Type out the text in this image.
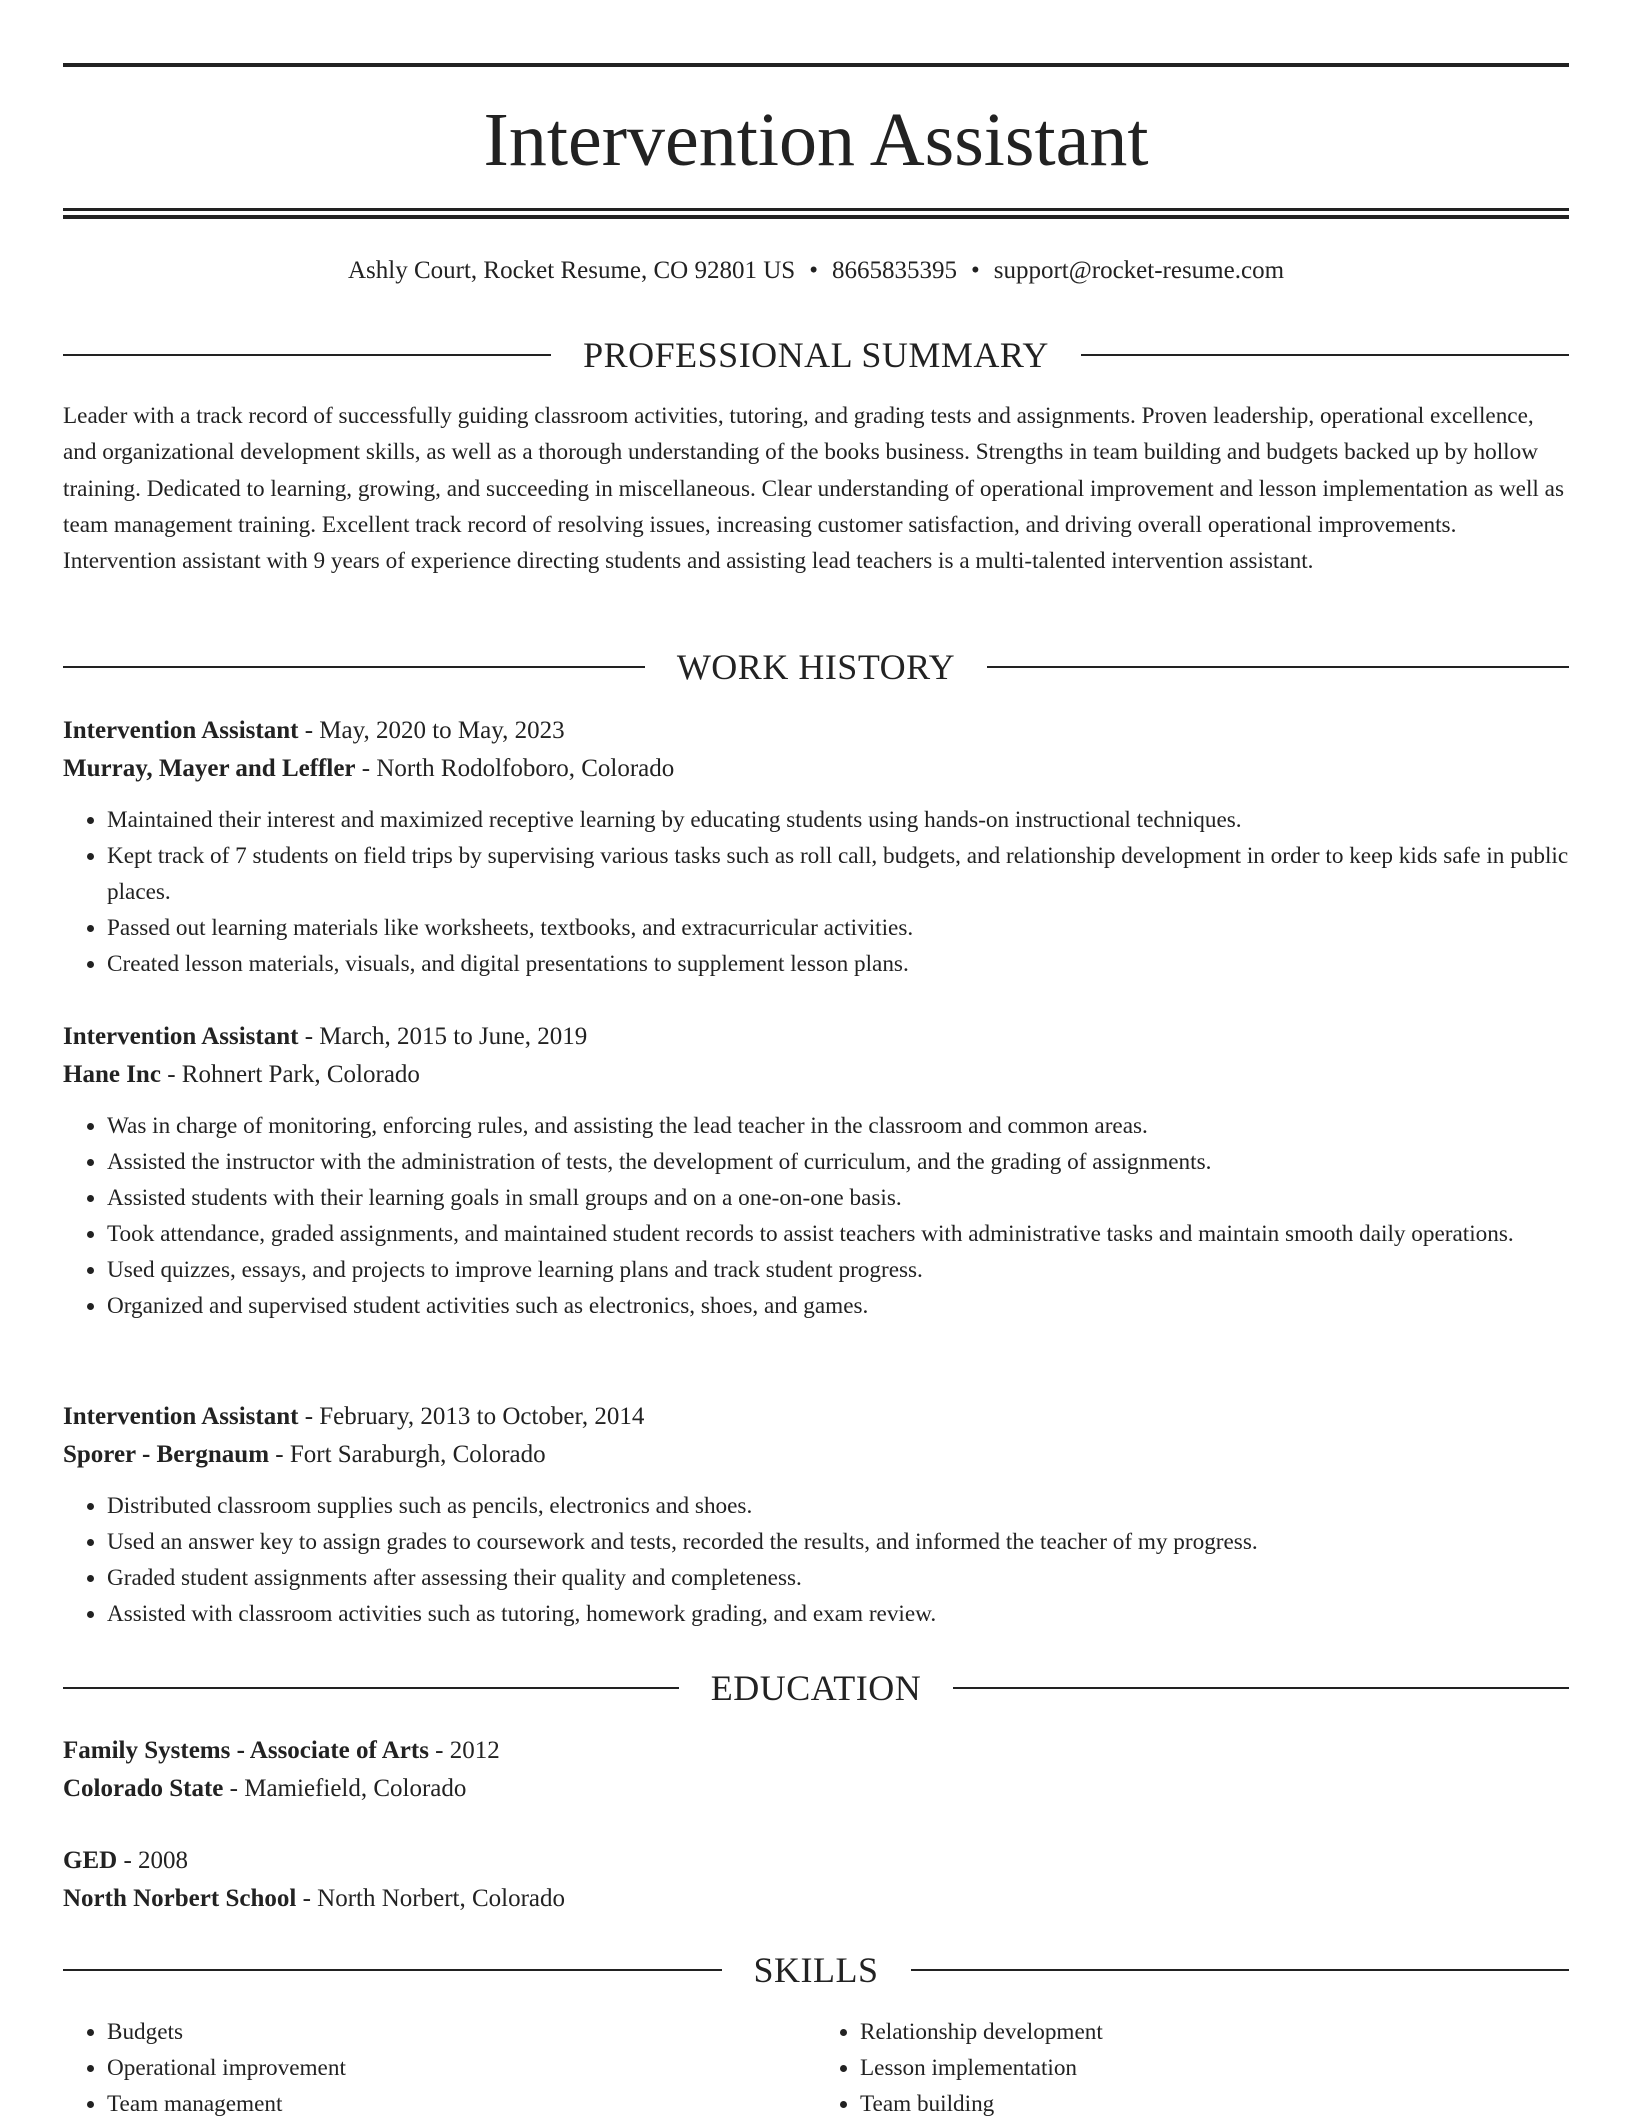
Intervention Assistant
Ashly Court, Rocket Resume, CO 92801 US • 8665835395 • support@rocket-resume.com
PROFESSIONAL SUMMARY

Leader with a track record of successfully guiding classroom activities, tutoring, and grading tests and assignments. Proven leadership, operational excellence, and organizational development skills, as well as a thorough understanding of the books business. Strengths in team building and budgets backed up by hollow training. Dedicated to learning, growing, and succeeding in miscellaneous. Clear understanding of operational improvement and lesson implementation as well as team management training. Excellent track record of resolving issues, increasing customer satisfaction, and driving overall operational improvements. Intervention assistant with 9 years of experience directing students and assisting lead teachers is a multi-talented intervention assistant.

WORK HISTORY
Intervention Assistant - May, 2020 to May, 2023
Murray, Mayer and Leffler - North Rodolfoboro, Colorado
• Maintained their interest and maximized receptive learning by educating students using hands-on instructional techniques.
• Kept track of 7 students on field trips by supervising various tasks such as roll call, budgets, and relationship development in order to keep kids safe in public places.
• Passed out learning materials like worksheets, textbooks, and extracurricular activities.
• Created lesson materials, visuals, and digital presentations to supplement lesson plans.
Intervention Assistant - March, 2015 to June, 2019
Hane Inc - Rohnert Park, Colorado
• Was in charge of monitoring, enforcing rules, and assisting the lead teacher in the classroom and common areas.
• Assisted the instructor with the administration of tests, the development of curriculum, and the grading of assignments.
• Assisted students with their learning goals in small groups and on a one-on-one basis.
• Took attendance, graded assignments, and maintained student records to assist teachers with administrative tasks and maintain smooth daily operations.
• Used quizzes, essays, and projects to improve learning plans and track student progress.
• Organized and supervised student activities such as electronics, shoes, and games.
Intervention Assistant - February, 2013 to October, 2014
Sporer - Bergnaum - Fort Saraburgh, Colorado
• Distributed classroom supplies such as pencils, electronics and shoes.
• Used an answer key to assign grades to coursework and tests, recorded the results, and informed the teacher of my progress.
• Graded student assignments after assessing their quality and completeness.
• Assisted with classroom activities such as tutoring, homework grading, and exam review.
EDUCATION
Family Systems - Associate of Arts - 2012
Colorado State - Mamiefield, Colorado
GED - 2008
North Norbert School - North Norbert, Colorado
SKILLS
• Budgets
• Operational improvement
• Team management
• Relationship development
• Lesson implementation
• Team building
